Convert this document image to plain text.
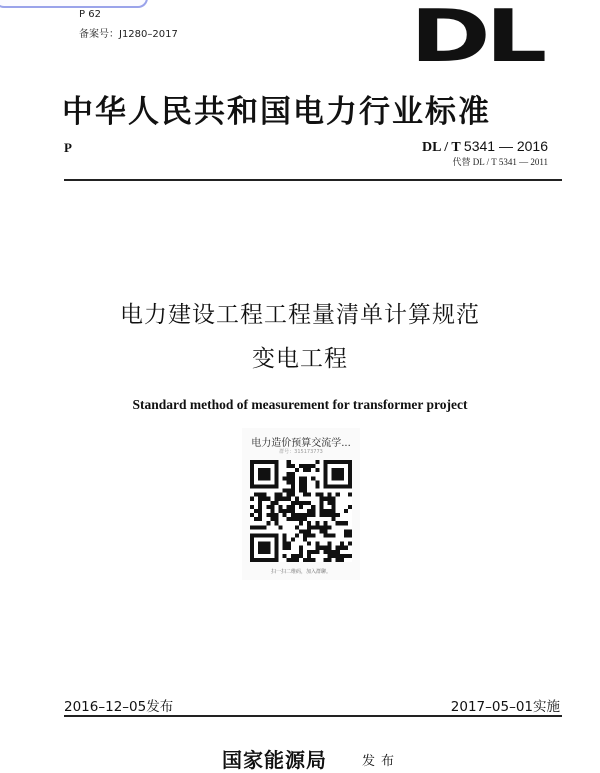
P 62
备案号：J1280–2017	DL
中华人民共和国电力行业标准
P	DL / T 5341 — 2016
代替 DL / T 5341 — 2011
电力建设工程工程量清单计算规范
变电工程
Standard method of measurement for transformer project
电力造价预算交流学...
群号：315173773
扫一扫二维码，加入群聊。
2016–12–05发布	2017–05–01实施
国家能源局	发布
